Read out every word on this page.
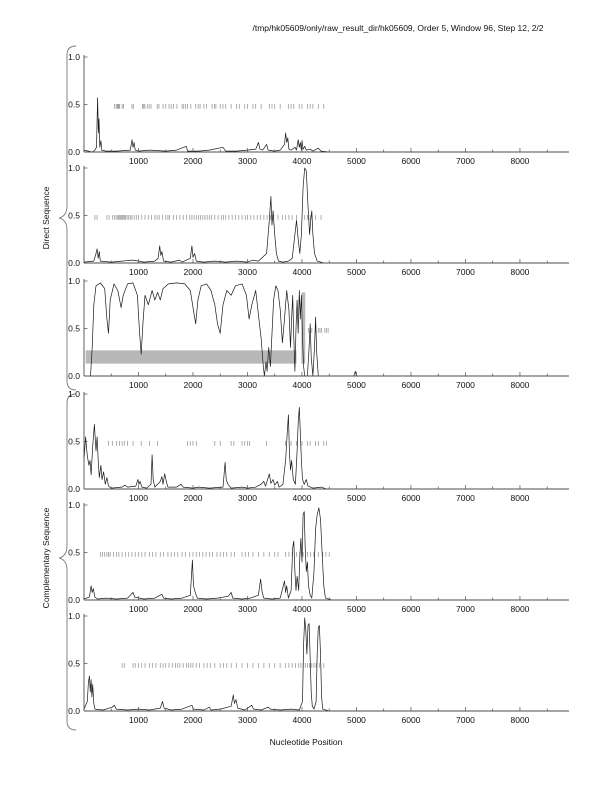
/tmp/hk05609/only/raw_result_dir/hk05609, Order 5, Window 96, Step 12, 2/2
1000	2000	3000	4000	5000	6000	7000	8000
0.0
0.5
1.0
1000	2000	3000	4000	5000	6000	7000	8000
0.0
0.5
1.0
1000	2000	3000	4000	5000	6000	7000	8000
0.0
0.5
1.0
1000	2000	3000	4000	5000	6000	7000	8000
0.0
0.5
1.0
1000	2000	3000	4000	5000	6000	7000	8000
0.0
0.5
1.0
1000	2000	3000	4000	5000	6000	7000	8000
0.0
0.5
1.0
Direct Sequence
Complementary Sequence
Nucleotide Position
